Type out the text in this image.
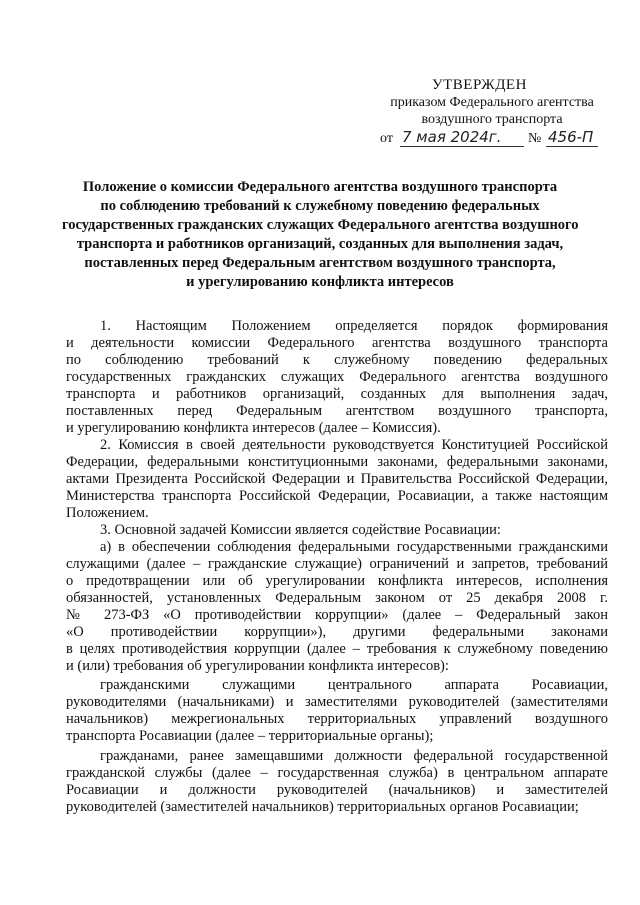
УТВЕРЖДЕН
приказом Федерального агентства
воздушного транспорта
от 7 мая 2024г. № 456-П
Положение о комиссии Федерального агентства воздушного транспорта
по соблюдению требований к служебному поведению федеральных
государственных гражданских служащих Федерального агентства воздушного
транспорта и работников организаций, созданных для выполнения задач,
поставленных перед Федеральным агентством воздушного транспорта,
и урегулированию конфликта интересов
1. Настоящим Положением определяется порядок формирования
и деятельности комиссии Федерального агентства воздушного транспорта
по соблюдению требований к служебному поведению федеральных
государственных гражданских служащих Федерального агентства воздушного
транспорта и работников организаций, созданных для выполнения задач,
поставленных перед Федеральным агентством воздушного транспорта,
и урегулированию конфликта интересов (далее – Комиссия).
2. Комиссия в своей деятельности руководствуется Конституцией Российской
Федерации, федеральными конституционными законами, федеральными законами,
актами Президента Российской Федерации и Правительства Российской Федерации,
Министерства транспорта Российской Федерации, Росавиации, а также настоящим
Положением.
3. Основной задачей Комиссии является содействие Росавиации:
а) в обеспечении соблюдения федеральными государственными гражданскими
служащими (далее – гражданские служащие) ограничений и запретов, требований
о предотвращении или об урегулировании конфликта интересов, исполнения
обязанностей, установленных Федеральным законом от 25 декабря 2008 г.
№ 273-ФЗ «О противодействии коррупции» (далее – Федеральный закон
«О противодействии коррупции»), другими федеральными законами
в целях противодействия коррупции (далее – требования к служебному поведению
и (или) требования об урегулировании конфликта интересов):
гражданскими служащими центрального аппарата Росавиации,
руководителями (начальниками) и заместителями руководителей (заместителями
начальников) межрегиональных территориальных управлений воздушного
транспорта Росавиации (далее – территориальные органы);
гражданами, ранее замещавшими должности федеральной государственной
гражданской службы (далее – государственная служба) в центральном аппарате
Росавиации и должности руководителей (начальников) и заместителей
руководителей (заместителей начальников) территориальных органов Росавиации;
